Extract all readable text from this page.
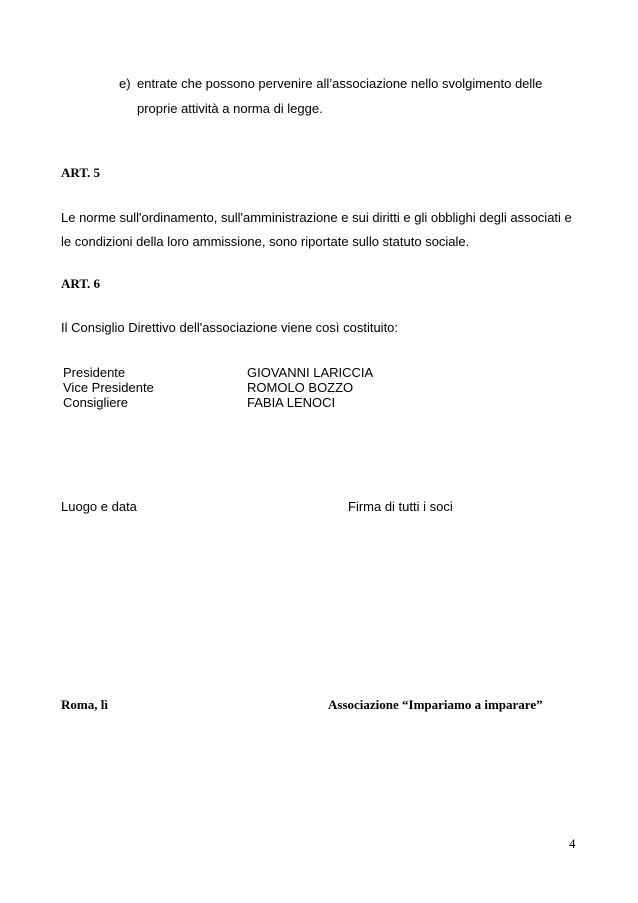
e) entrate che possono pervenire all’associazione nello svolgimento delle
proprie attività a norma di legge.
ART. 5
Le norme sull'ordinamento, sull'amministrazione e sui diritti e gli obblighi degli associati e
le condizioni della loro ammissione, sono riportate sullo statuto sociale.
ART. 6
Il Consiglio Direttivo dell'associazione viene così costituito:
Presidente	GIOVANNI LARICCIA
Vice Presidente	ROMOLO BOZZO
Consigliere	FABIA LENOCI
Luogo e data	Firma di tutti i soci
Roma, lì	Associazione “Impariamo a imparare”
4
